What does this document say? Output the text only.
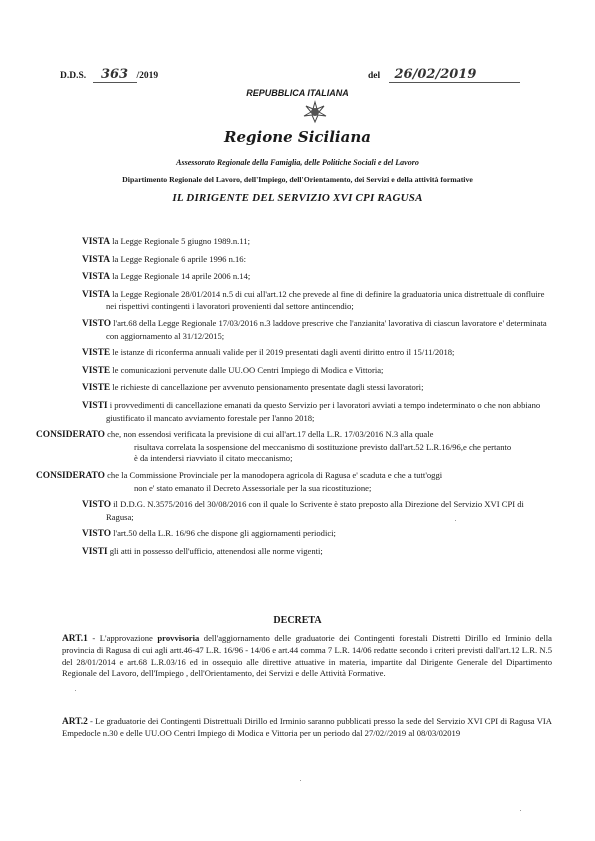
D.D.S. 363 /2019	del 26/02/2019
REPUBBLICA ITALIANA
Regione Siciliana
Assessorato Regionale della Famiglia, delle Politiche Sociali e del Lavoro
Dipartimento Regionale del Lavoro, dell'Impiego, dell'Orientamento, dei Servizi e della attività formative
IL DIRIGENTE DEL SERVIZIO XVI CPI RAGUSA

VISTA la Legge Regionale 5 giugno 1989.n.11;

VISTA la Legge Regionale 6 aprile 1996 n.16:

VISTA la Legge Regionale 14 aprile 2006 n.14;

VISTA la Legge Regionale 28/01/2014 n.5 di cui all'art.12 che prevede al fine di definire la graduatoria unica distrettuale di confluire nei rispettivi contingenti i lavoratori provenienti dal settore antincendio;

VISTO l'art.68 della Legge Regionale 17/03/2016 n.3 laddove prescrive che l'anzianita' lavorativa di ciascun lavoratore e' determinata con aggiornamento al 31/12/2015;

VISTE le istanze di riconferma annuali valide per il 2019 presentati dagli aventi diritto entro il 15/11/2018;

VISTE le comunicazioni pervenute dalle UU.OO Centri Impiego di Modica e Vittoria;

VISTE le richieste di cancellazione per avvenuto pensionamento presentate dagli stessi lavoratori;

VISTI i provvedimenti di cancellazione emanati da questo Servizio per i lavoratori avviati a tempo indeterminato o che non abbiano giustificato il mancato avviamento forestale per l'anno 2018;

CONSIDERATO che, non essendosi verificata la previsione di cui all'art.17 della L.R. 17/03/2016 N.3 alla quale

risultava correlata la sospensione del meccanismo di sostituzione previsto dall'art.52 L.R.16/96,e che pertanto

è da intendersi riavviato il citato meccanismo;

CONSIDERATO che la Commissione Provinciale per la manodopera agricola di Ragusa e' scaduta e che a tutt'oggi

non e' stato emanato il Decreto Assessoriale per la sua ricostituzione;

VISTO il D.D.G. N.3575/2016 del 30/08/2016 con il quale lo Scrivente è stato preposto alla Direzione del Servizio XVI CPI di Ragusa;

VISTO l'art.50 della L.R. 16/96 che dispone gli aggiornamenti periodici;

VISTI gli atti in possesso dell'ufficio, attenendosi alle norme vigenti;

DECRETA
ART.1 - L'approvazione provvisoria dell'aggiornamento delle graduatorie dei Contingenti forestali Distretti Dirillo ed Irminio della provincia di Ragusa di cui agli artt.46-47 L.R. 16/96 - 14/06 e art.44 comma 7 L.R. 14/06 redatte secondo i criteri previsti dall'art.12 L.R. N.5 del 28/01/2014 e art.68 L.R.03/16 ed in ossequio alle direttive attuative in materia, impartite dal Dirigente Generale del Dipartimento Regionale del Lavoro, dell'Impiego , dell'Orientamento, dei Servizi e delle Attività Formative.
ART.2 - Le graduatorie dei Contingenti Distrettuali Dirillo ed Irminio saranno pubblicati presso la sede del Servizio XVI CPI di Ragusa VIA Empedocle n.30 e delle UU.OO Centri Impiego di Modica e Vittoria per un periodo dal 27/02//2019 al 08/03/02019
